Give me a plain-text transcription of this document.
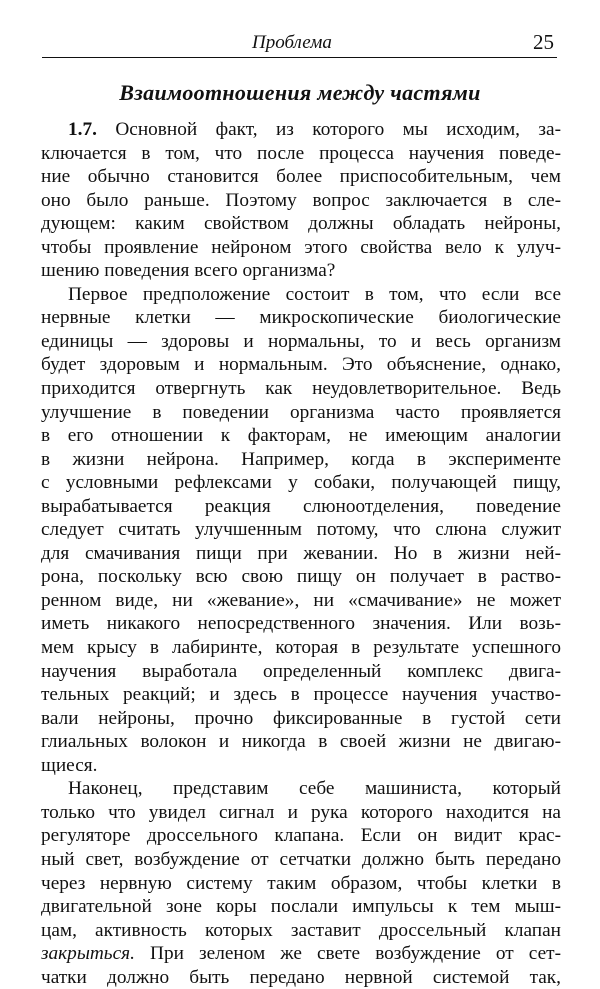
Проблема	25
Взаимоотношения между частями
1.7. Основной факт, из которого мы исходим, за-
ключается в том, что после процесса научения поведе-
ние обычно становится более приспособительным, чем
оно было раньше. Поэтому вопрос заключается в сле-
дующем: каким свойством должны обладать нейроны,
чтобы проявление нейроном этого свойства вело к улуч-
шению поведения всего организма?
Первое предположение состоит в том, что если все
нервные клетки — микроскопические биологические
единицы — здоровы и нормальны, то и весь организм
будет здоровым и нормальным. Это объяснение, однако,
приходится отвергнуть как неудовлетворительное. Ведь
улучшение в поведении организма часто проявляется
в его отношении к факторам, не имеющим аналогии
в жизни нейрона. Например, когда в эксперименте
с условными рефлексами у собаки, получающей пищу,
вырабатывается реакция слюноотделения, поведение
следует считать улучшенным потому, что слюна служит
для смачивания пищи при жевании. Но в жизни ней-
рона, поскольку всю свою пищу он получает в раство-
ренном виде, ни «жевание», ни «смачивание» не может
иметь никакого непосредственного значения. Или возь-
мем крысу в лабиринте, которая в результате успешного
научения выработала определенный комплекс двига-
тельных реакций; и здесь в процессе научения участво-
вали нейроны, прочно фиксированные в густой сети
глиальных волокон и никогда в своей жизни не двигаю-
щиеся.
Наконец, представим себе машиниста, который
только что увидел сигнал и рука которого находится на
регуляторе дроссельного клапана. Если он видит крас-
ный свет, возбуждение от сетчатки должно быть передано
через нервную систему таким образом, чтобы клетки в
двигательной зоне коры послали импульсы к тем мыш-
цам, активность которых заставит дроссельный клапан
закрыться. При зеленом же свете возбуждение от сет-
чатки должно быть передано нервной системой так,
